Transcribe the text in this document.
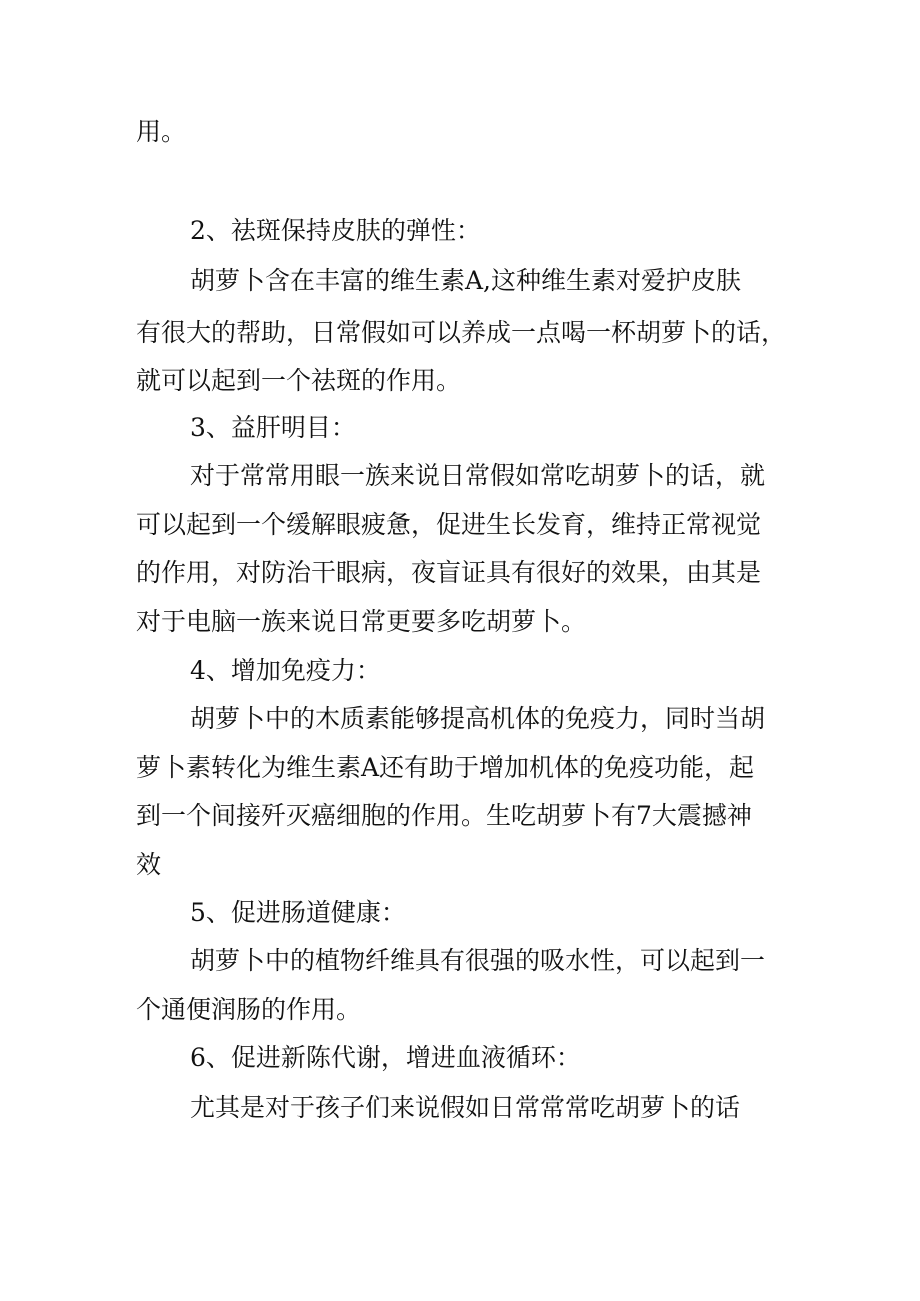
用。
2、祛斑保持皮肤的弹性：
胡萝卜含在丰富的维生素A,这种维生素对爱护皮肤
有很大的帮助，日常假如可以养成一点喝一杯胡萝卜的话，
就可以起到一个祛斑的作用。
3、益肝明目：
对于常常用眼一族来说日常假如常吃胡萝卜的话，就
可以起到一个缓解眼疲惫，促进生长发育，维持正常视觉
的作用，对防治干眼病，夜盲证具有很好的效果，由其是
对于电脑一族来说日常更要多吃胡萝卜。
4、增加免疫力：
胡萝卜中的木质素能够提高机体的免疫力，同时当胡
萝卜素转化为维生素A还有助于增加机体的免疫功能，起
到一个间接歼灭癌细胞的作用。生吃胡萝卜有7大震撼神
效
5、促进肠道健康：
胡萝卜中的植物纤维具有很强的吸水性，可以起到一
个通便润肠的作用。
6、促进新陈代谢，增进血液循环：
尤其是对于孩子们来说假如日常常常吃胡萝卜的话
